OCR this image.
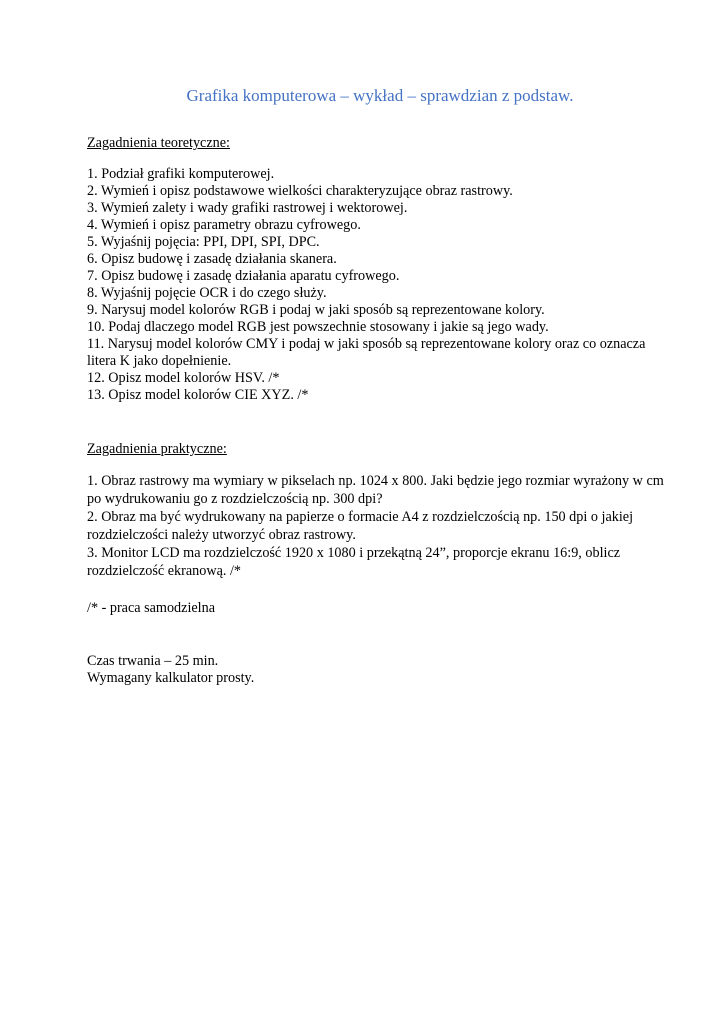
Grafika komputerowa – wykład – sprawdzian z podstaw.
Zagadnienia teoretyczne:
1. Podział grafiki komputerowej.
2. Wymień i opisz podstawowe wielkości charakteryzujące obraz rastrowy.
3. Wymień zalety i wady grafiki rastrowej i wektorowej.
4. Wymień i opisz parametry obrazu cyfrowego.
5. Wyjaśnij pojęcia: PPI, DPI, SPI, DPC.
6. Opisz budowę i zasadę działania skanera.
7. Opisz budowę i zasadę działania aparatu cyfrowego.
8. Wyjaśnij pojęcie OCR i do czego służy.
9. Narysuj model kolorów RGB i podaj w jaki sposób są reprezentowane kolory.
10. Podaj dlaczego model RGB jest powszechnie stosowany i jakie są jego wady.
11. Narysuj model kolorów CMY i podaj w jaki sposób są reprezentowane kolory oraz co oznacza litera K jako dopełnienie.
12. Opisz model kolorów HSV. /*
13. Opisz model kolorów CIE XYZ. /*
Zagadnienia praktyczne:
1. Obraz rastrowy ma wymiary w pikselach np. 1024 x 800. Jaki będzie jego rozmiar wyrażony w cm po wydrukowaniu go z rozdzielczością np. 300 dpi?
2. Obraz ma być wydrukowany na papierze o formacie A4 z rozdzielczością np. 150 dpi o jakiej rozdzielczości należy utworzyć obraz rastrowy.
3. Monitor LCD ma rozdzielczość 1920 x 1080 i przekątną 24”, proporcje ekranu 16:9, oblicz rozdzielczość ekranową. /*
/* - praca samodzielna
Czas trwania – 25 min.
Wymagany kalkulator prosty.
